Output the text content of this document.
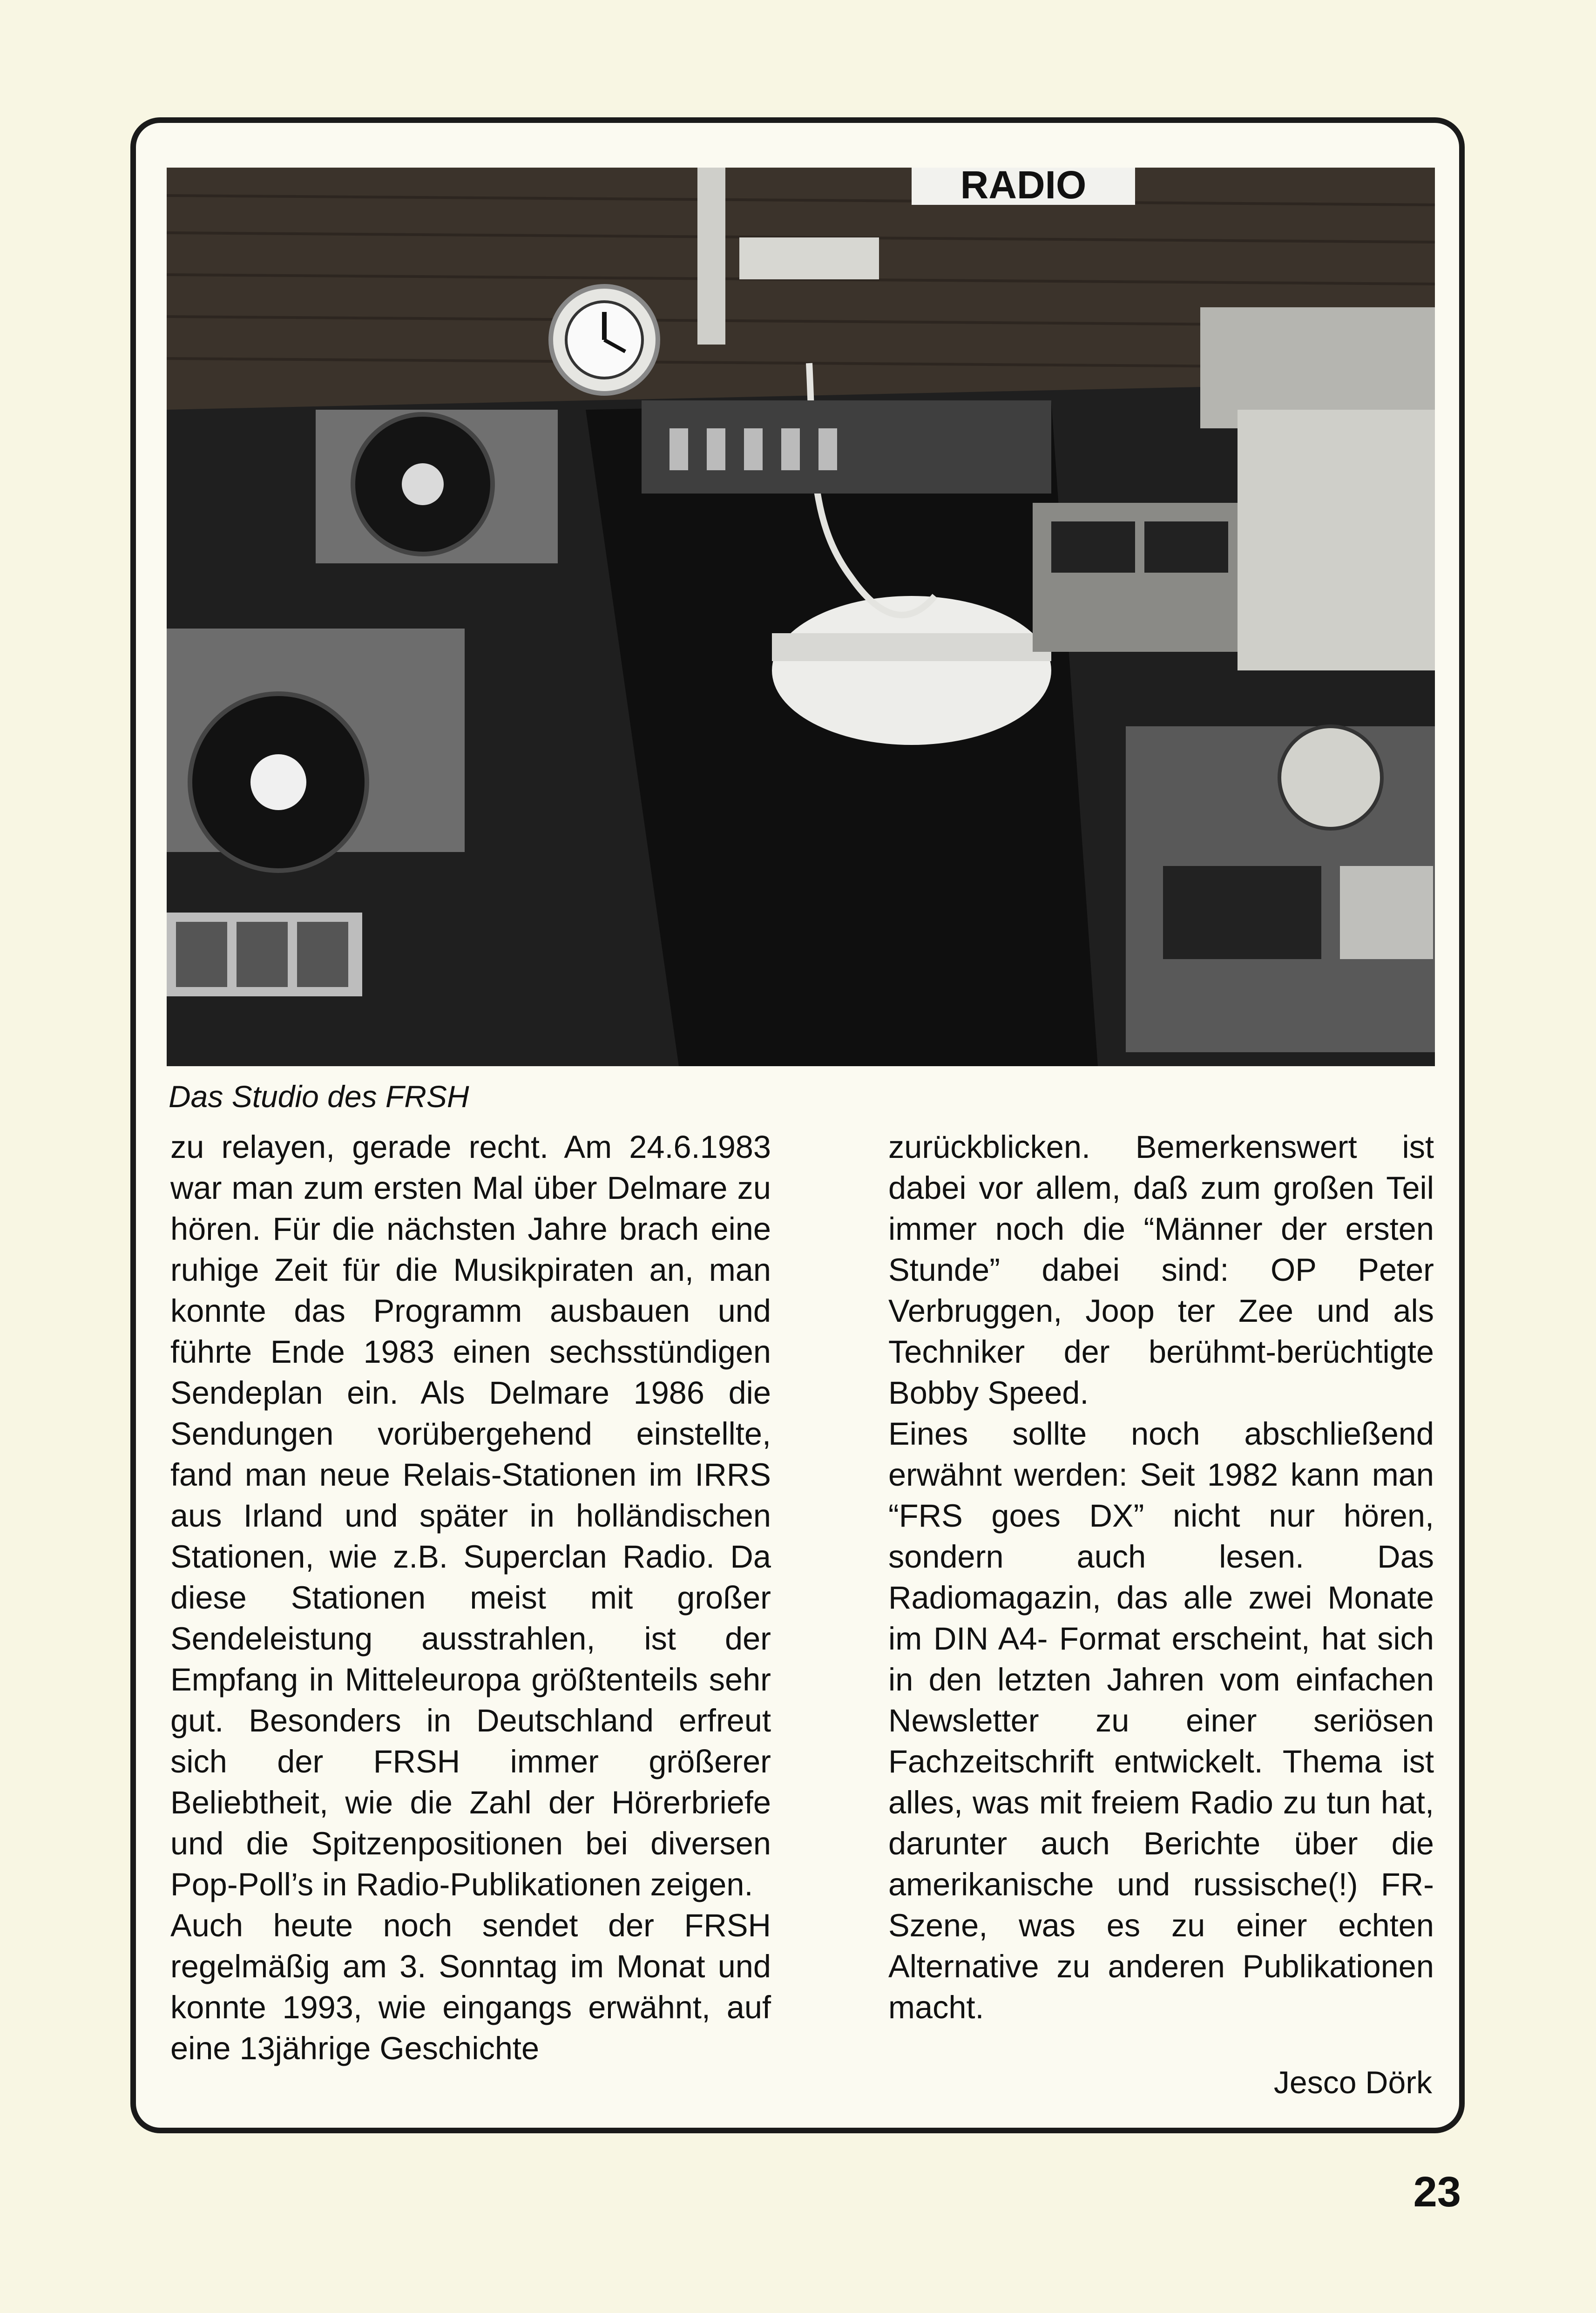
RADIO
Das Studio des FRSH

zu relayen, gerade recht. Am 24.6.1983 war man zum ersten Mal über Delmare zu hören. Für die nächsten Jahre brach eine ruhige Zeit für die Musikpiraten an, man konnte das Programm ausbauen und führte Ende 1983 einen sechsstündigen Sendeplan ein. Als Delmare 1986 die Sendungen vorübergehend einstellte, fand man neue Relais-Stationen im IRRS aus Irland und später in holländischen Stationen, wie z.B. Superclan Radio. Da diese Stationen meist mit großer Sendeleistung ausstrahlen, ist der Empfang in Mitteleuropa größtenteils sehr gut. Besonders in Deutschland erfreut sich der FRSH immer größerer Beliebtheit, wie die Zahl der Hörerbriefe und die Spitzenpositionen bei diversen Pop-Poll’s in Radio-Publikationen zeigen.

Auch heute noch sendet der FRSH regelmäßig am 3. Sonntag im Monat und konnte 1993, wie eingangs erwähnt, auf eine 13jährige Geschichte

zurückblicken. Bemerkenswert ist dabei vor allem, daß zum großen Teil immer noch die “Männer der ersten Stunde” dabei sind: OP Peter Verbruggen, Joop ter Zee und als Techniker der berühmt-berüchtigte Bobby Speed.

Eines sollte noch abschließend erwähnt werden: Seit 1982 kann man “FRS goes DX” nicht nur hören, sondern auch lesen. Das Radiomagazin, das alle zwei Monate im DIN A4- Format erscheint, hat sich in den letzten Jahren vom einfachen Newsletter zu einer seriösen Fachzeitschrift entwickelt. Thema ist alles, was mit freiem Radio zu tun hat, darunter auch Berichte über die amerikanische und russische(!) FR-Szene, was es zu einer echten Alternative zu anderen Publikationen macht.

Jesco Dörk
23
